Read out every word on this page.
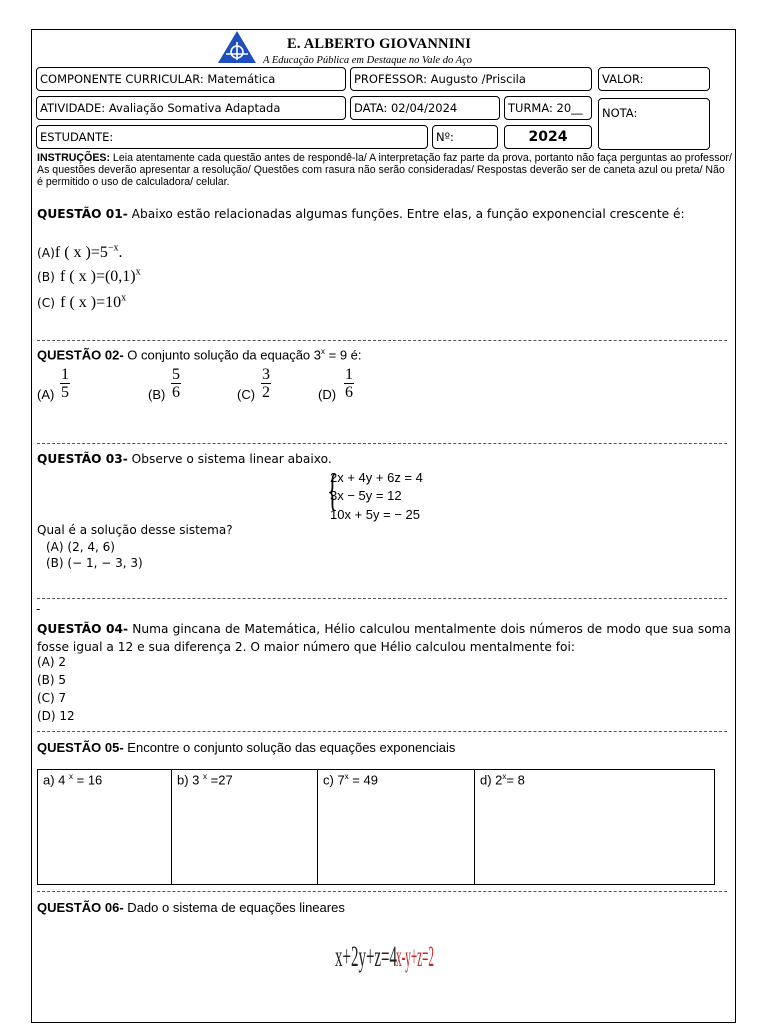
E. ALBERTO GIOVANNINI
A Educação Pública em Destaque no Vale do Aço
COMPONENTE CURRICULAR: Matemática	PROFESSOR: Augusto /Priscila	VALOR:
ATIVIDADE: Avaliação Somativa Adaptada	DATA: 02/04/2024	TURMA: 20__	NOTA:
ESTUDANTE:	Nº:	2024
INSTRUÇÕES: Leia atentamente cada questão antes de respondê-la/ A interpretação faz parte da prova, portanto não faça perguntas ao professor/ As questões deverão apresentar a resolução/ Questões com rasura não serão consideradas/ Respostas deverão ser de caneta azul ou preta/ Não é permitido o uso de calculadora/ celular.
QUESTÃO 01- Abaixo estão relacionadas algumas funções. Entre elas, a função exponencial crescente é:
(A)f ( x )$=5^{-x}$.
(B) f ( x )$=(0,1)^x$
(C) f ( x )$=10^x$
QUESTÃO 02- O conjunto solução da equação $3^x = 9$ é:
$(A) \frac{1}{5}$	$(B) \frac{5}{6}$	$(C) \frac{3}{2}$	$(D) \frac{1}{6}$
QUESTÃO 03- Observe o sistema linear abaixo.
{
2x + 4y + 6z = 4
3x − 5y = 12
10x + 5y = − 25
Qual é a solução desse sistema?
(A) (2, 4, 6)
(B) (− 1, − 3, 3)
-
QUESTÃO 04- Numa gincana de Matemática, Hélio calculou mentalmente dois números de modo que sua soma fosse igual a 12 e sua diferença 2. O maior número que Hélio calculou mentalmente foi:
(A) 2
(B) 5
(C) 7
(D) 12
QUESTÃO 05- Encontre o conjunto solução das equações exponenciais
a) 4 $^x$ = 16	b) 3 $^x$ =27	c) $7^x = 49$	d) $2^x= 8$
QUESTÃO 06- Dado o sistema de equações lineares
x+2y+z=4 x-y+z=2
